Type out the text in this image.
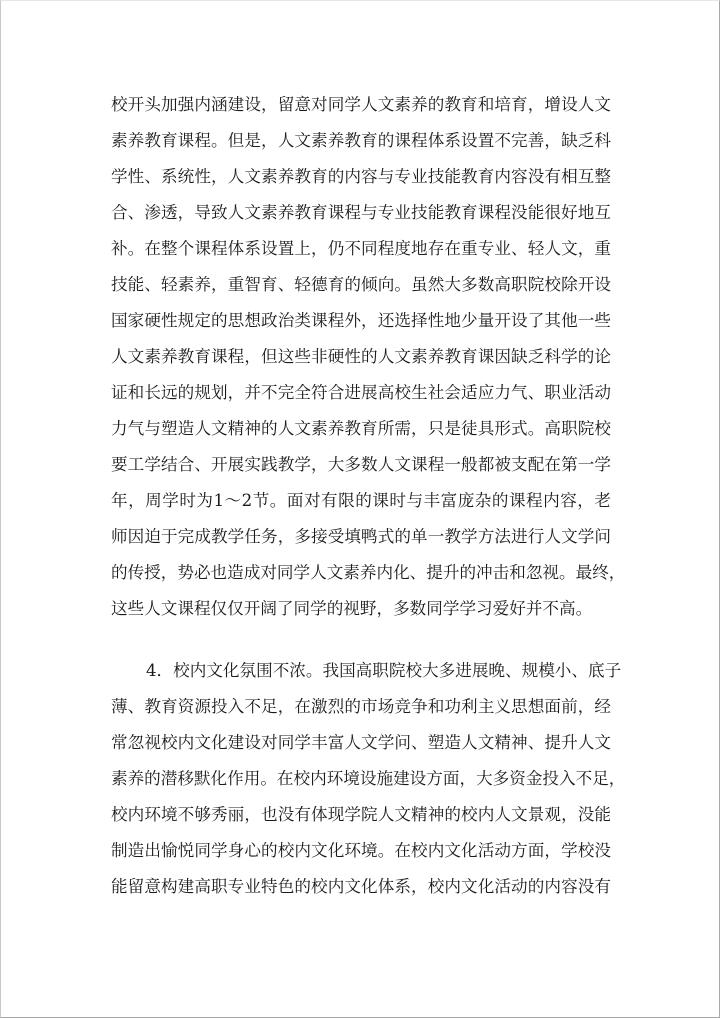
校开头加强内涵建设，留意对同学人文素养的教育和培育，增设人文
素养教育课程。但是，人文素养教育的课程体系设置不完善，缺乏科
学性、系统性，人文素养教育的内容与专业技能教育内容没有相互整
合、渗透，导致人文素养教育课程与专业技能教育课程没能很好地互
补。在整个课程体系设置上，仍不同程度地存在重专业、轻人文，重
技能、轻素养，重智育、轻德育的倾向。虽然大多数高职院校除开设
国家硬性规定的思想政治类课程外，还选择性地少量开设了其他一些
人文素养教育课程，但这些非硬性的人文素养教育课因缺乏科学的论
证和长远的规划，并不完全符合进展高校生社会适应力气、职业活动
力气与塑造人文精神的人文素养教育所需，只是徒具形式。高职院校
要工学结合、开展实践教学，大多数人文课程一般都被支配在第一学
年，周学时为1～2节。面对有限的课时与丰富庞杂的课程内容，老
师因迫于完成教学任务，多接受填鸭式的单一教学方法进行人文学问
的传授，势必也造成对同学人文素养内化、提升的冲击和忽视。最终，
这些人文课程仅仅开阔了同学的视野，多数同学学习爱好并不高。
4．校内文化氛围不浓。我国高职院校大多进展晚、规模小、底子
薄、教育资源投入不足，在激烈的市场竞争和功利主义思想面前，经
常忽视校内文化建设对同学丰富人文学问、塑造人文精神、提升人文
素养的潜移默化作用。在校内环境设施建设方面，大多资金投入不足，
校内环境不够秀丽，也没有体现学院人文精神的校内人文景观，没能
制造出愉悦同学身心的校内文化环境。在校内文化活动方面，学校没
能留意构建高职专业特色的校内文化体系，校内文化活动的内容没有
